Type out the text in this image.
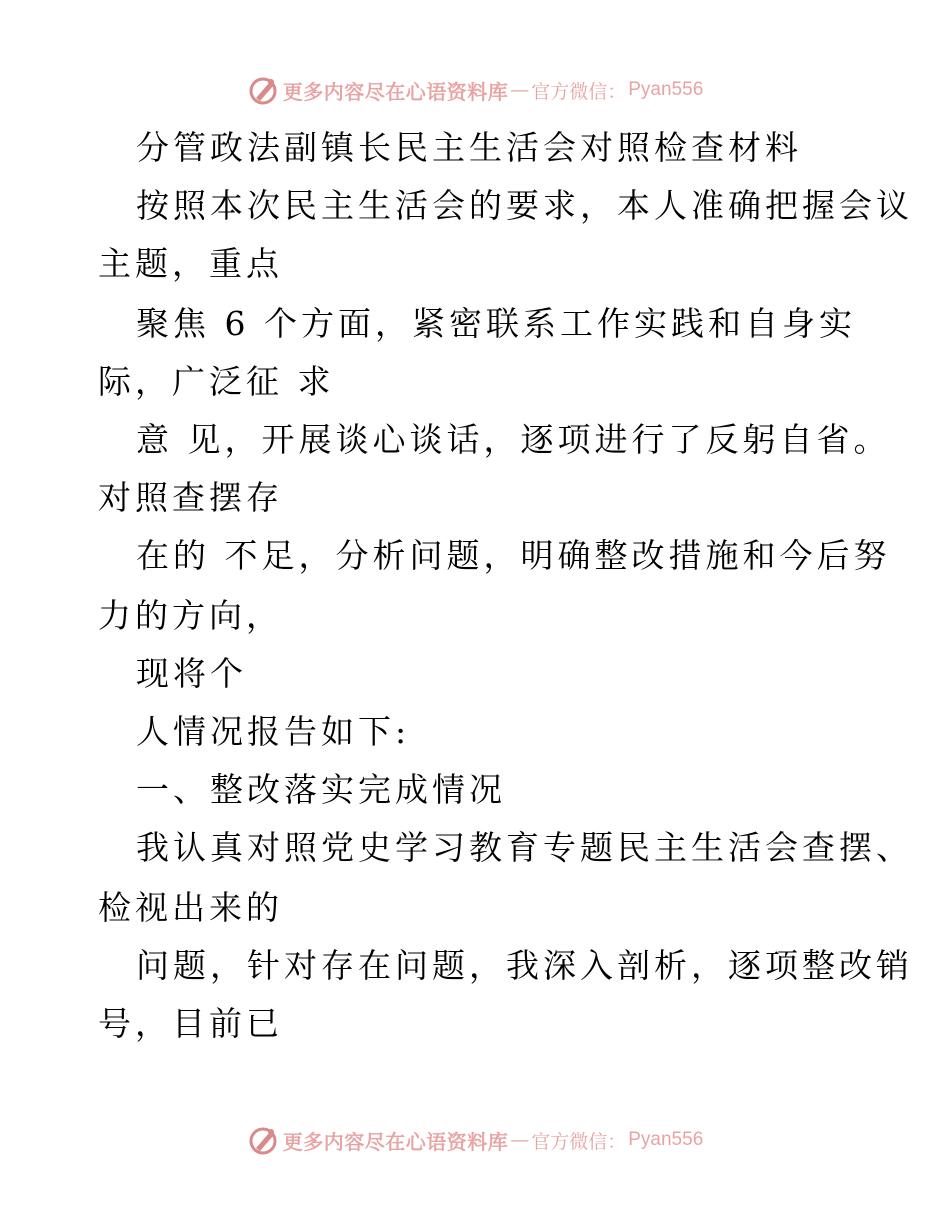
更多内容尽在心语资料库 — 官方微信： Pyan556
分管政法副镇长民主生活会对照检查材料
按照本次民主生活会的要求，本人准确把握会议
主题，重点
聚焦 6 个方面，紧密联系工作实践和自身实
际，广泛征 求
意 见，开展谈心谈话，逐项进行了反躬自省。
对照查摆存
在的 不足，分析问题，明确整改措施和今后努
力的方向，
现将个
人情况报告如下:
一、整改落实完成情况
我认真对照党史学习教育专题民主生活会查摆、
检视出来的
问题，针对存在问题，我深入剖析，逐项整改销
号，目前已
更多内容尽在心语资料库 — 官方微信： Pyan556
